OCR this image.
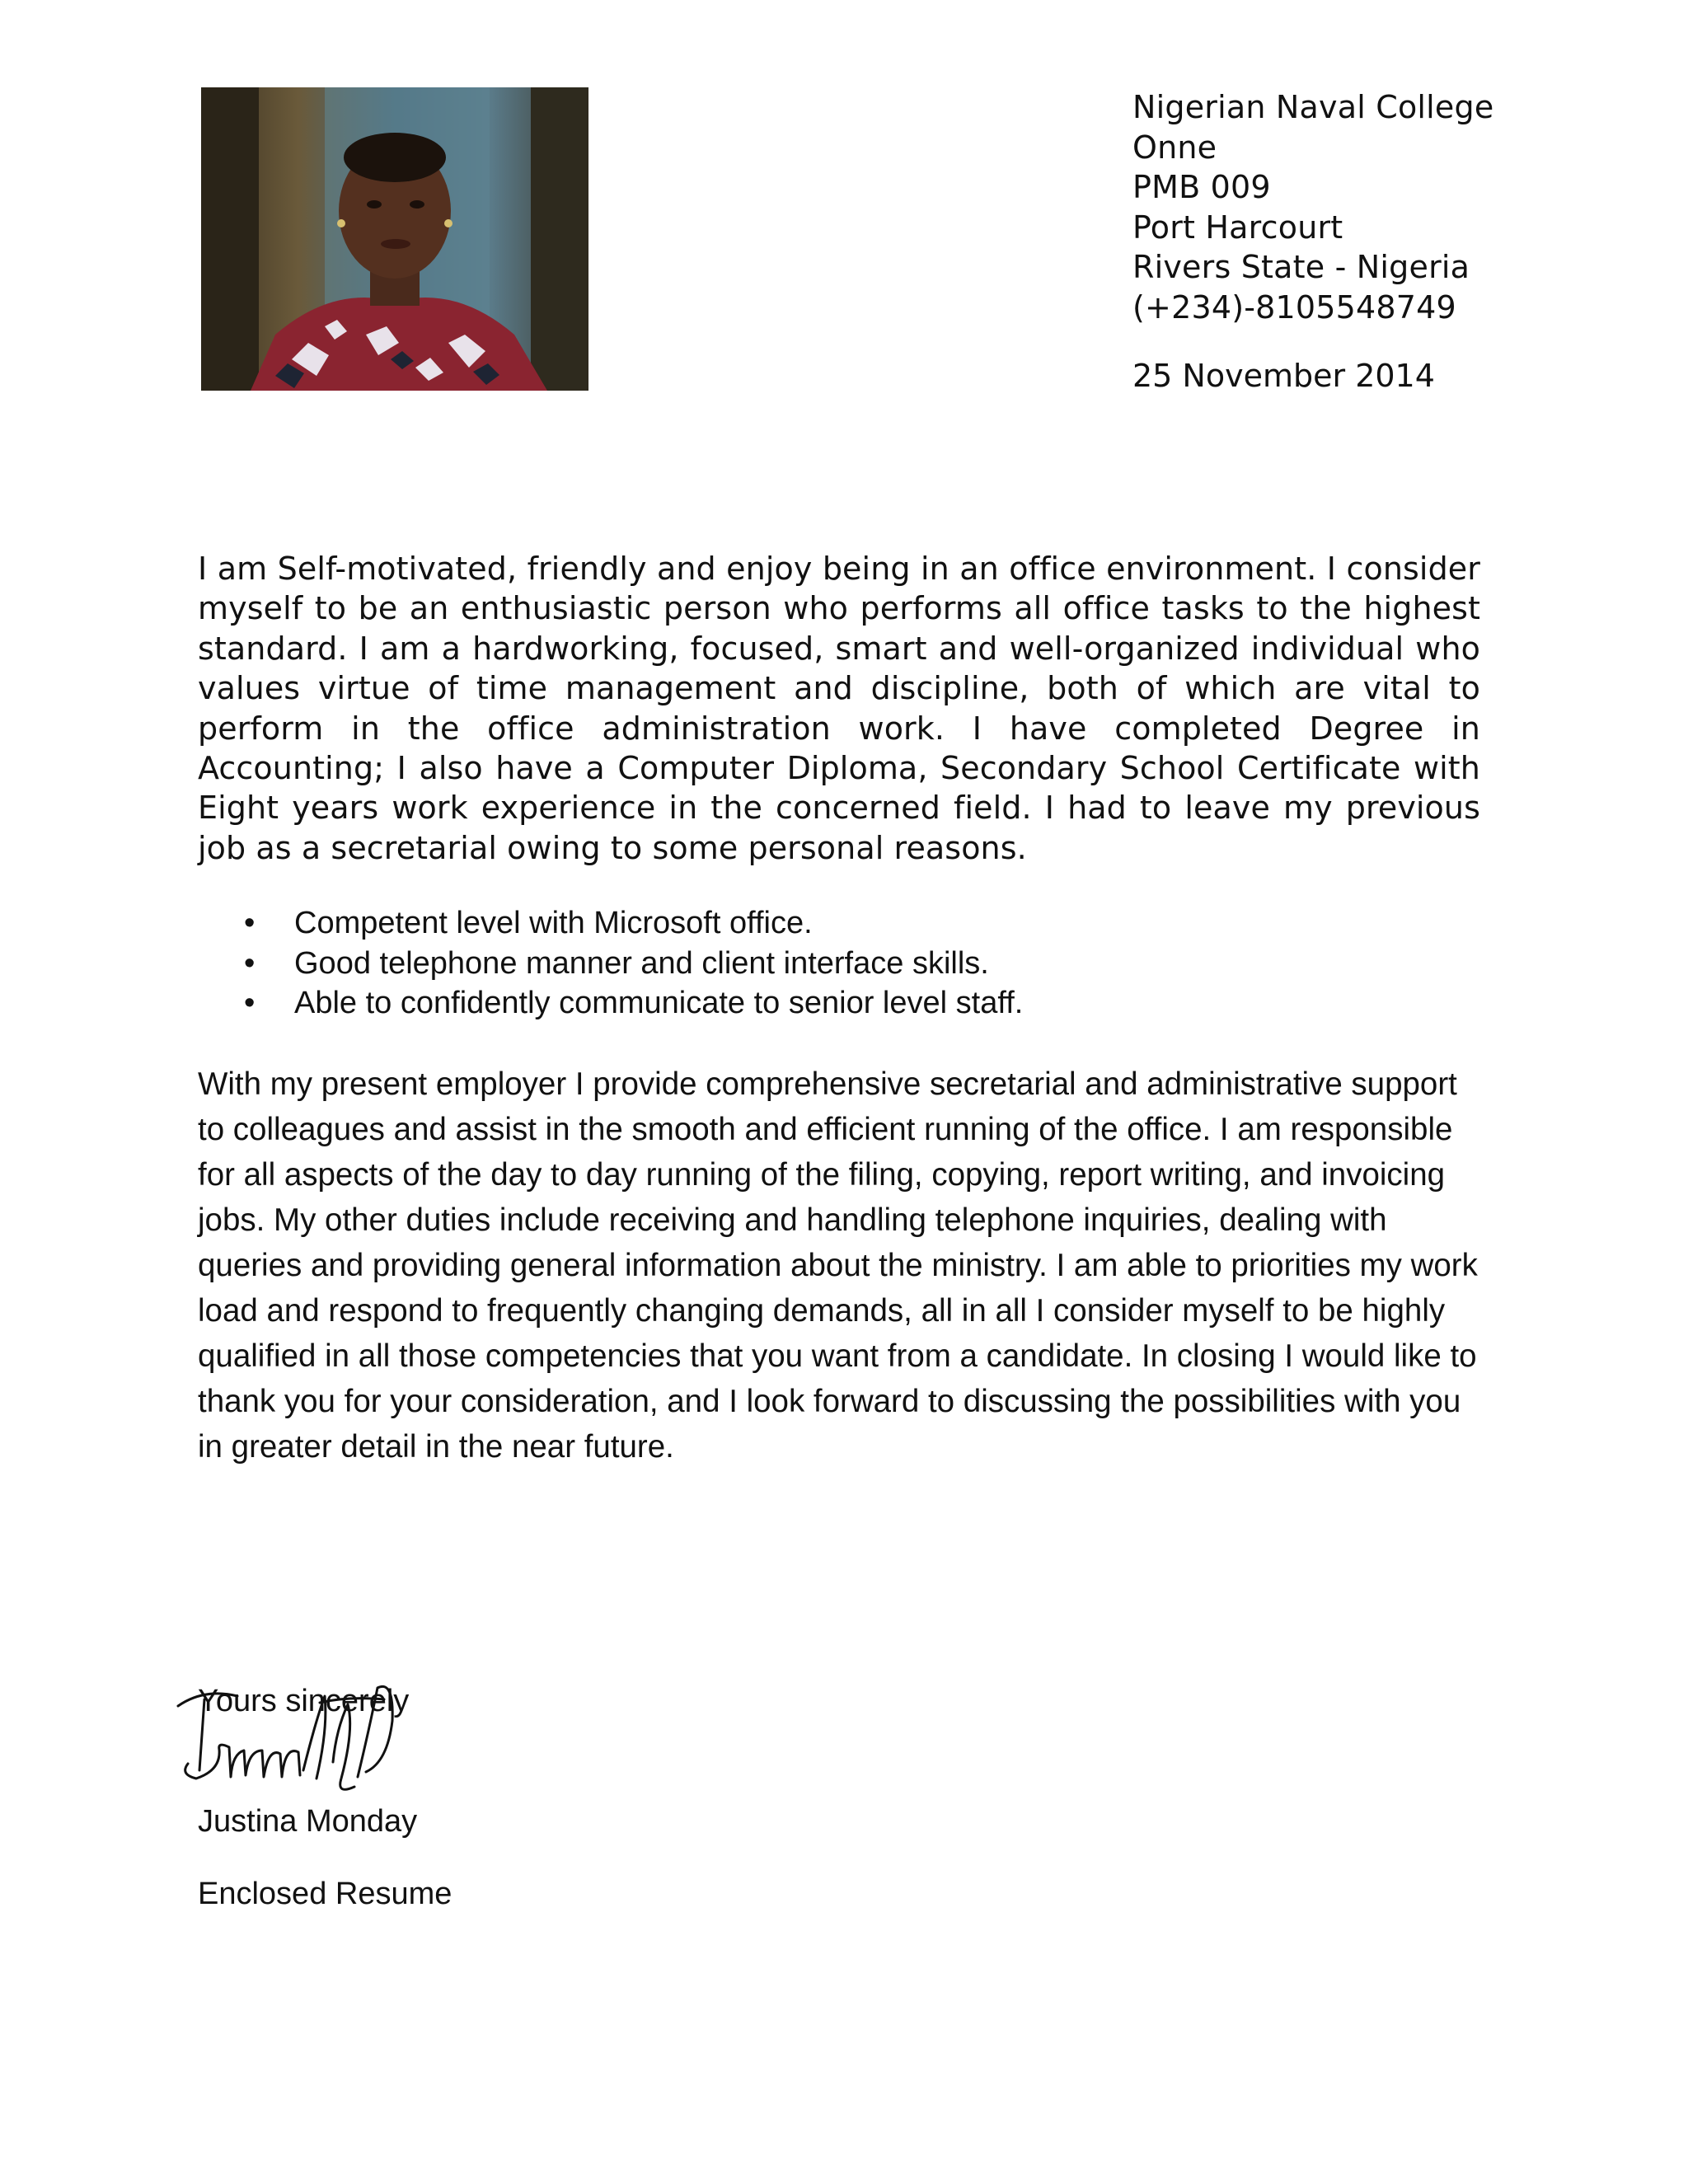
Nigerian Naval College
Onne
PMB 009
Port Harcourt
Rivers State - Nigeria
(+234)-8105548749
25 November 2014
I am Self-motivated, friendly and enjoy being in an office environment. I consider myself to be an enthusiastic person who performs all office tasks to the highest standard. I am a hardworking, focused, smart and well-organized individual who values virtue of time management and discipline, both of which are vital to perform in the office administration work. I have completed Degree in Accounting; I also have a Computer Diploma, Secondary School Certificate with Eight years work experience in the concerned field. I had to leave my previous job as a secretarial owing to some personal reasons.
• Competent level with Microsoft office.
• Good telephone manner and client interface skills.
• Able to confidently communicate to senior level staff.
With my present employer I provide comprehensive secretarial and administrative support to colleagues and assist in the smooth and efficient running of the office. I am responsible for all aspects of the day to day running of the filing, copying, report writing, and invoicing jobs. My other duties include receiving and handling telephone inquiries, dealing with queries and providing general information about the ministry. I am able to priorities my work load and respond to frequently changing demands, all in all I consider myself to be highly qualified in all those competencies that you want from a candidate. In closing I would like to thank you for your consideration, and I look forward to discussing the possibilities with you in greater detail in the near future.
Yours sincerely
Justina Monday
Enclosed Resume
